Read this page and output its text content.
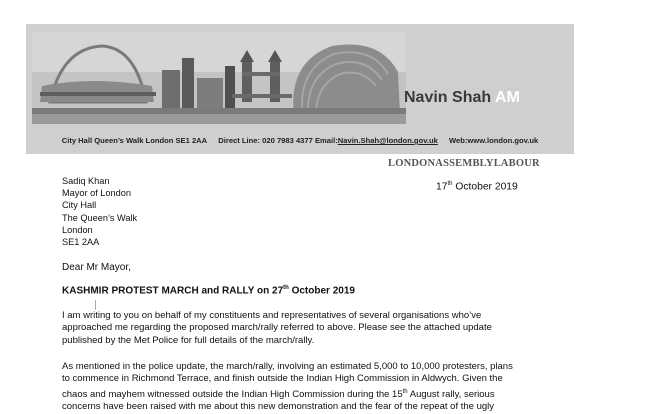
Navin Shah AM
City Hall Queen’s Walk London SE1 2AA Direct Line: 020 7983 4377 Email:Navin.Shah@london.gov.uk Web:www.london.gov.uk
LONDONASSEMBLYLABOUR
Sadiq Khan
Mayor of London
City Hall
The Queen’s Walk
London
SE1 2AA
17th October 2019
Dear Mr Mayor,
KASHMIR PROTEST MARCH and RALLY on 27th October 2019
I am writing to you on behalf of my constituents and representatives of several organisations who’ve
approached me regarding the proposed march/rally referred to above. Please see the attached update
published by the Met Police for full details of the march/rally.
As mentioned in the police update, the march/rally, involving an estimated 5,000 to 10,000 protesters, plans
to commence in Richmond Terrace, and finish outside the Indian High Commission in Aldwych. Given the
chaos and mayhem witnessed outside the Indian High Commission during the 15th August rally, serious
concerns have been raised with me about this new demonstration and the fear of the repeat of the ugly
